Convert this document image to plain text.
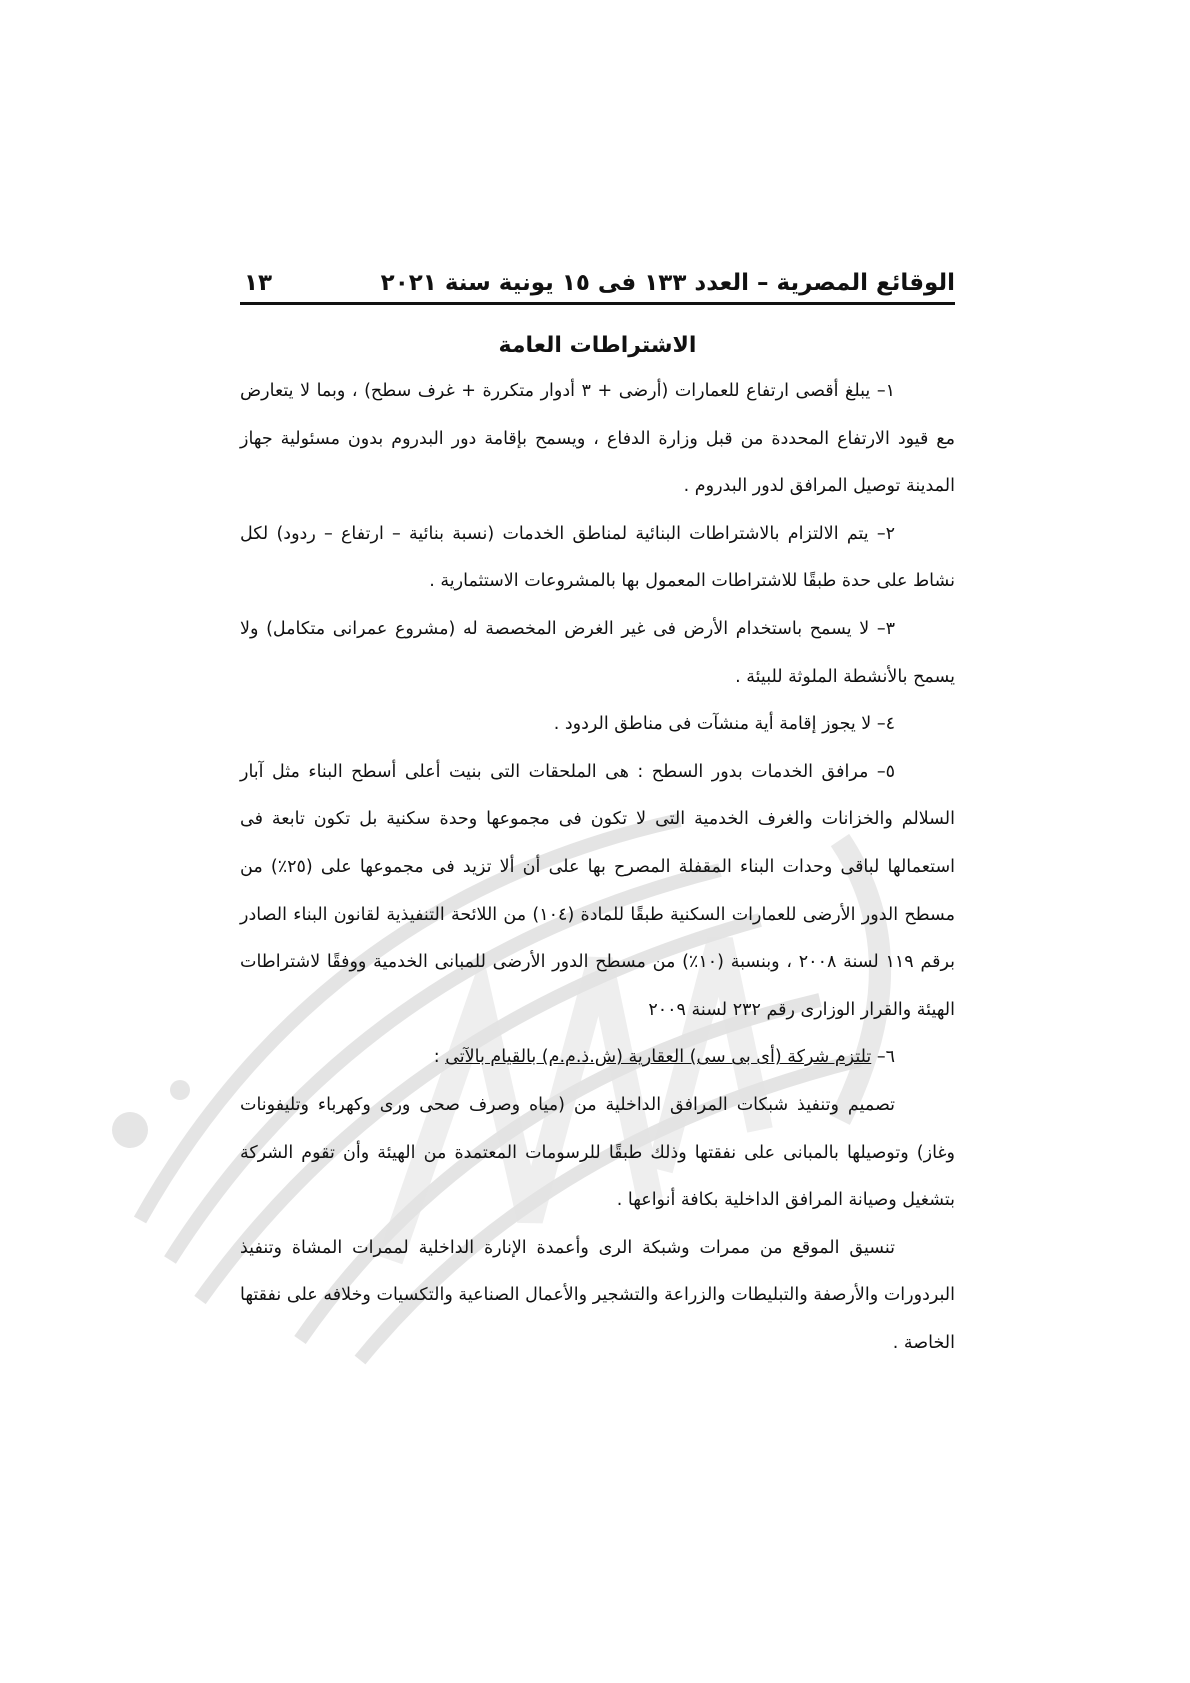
الوقائع المصرية – العدد ١٣٣ فى ١٥ يونية سنة ٢٠٢١
١٣
الاشتراطات العامة

١– يبلغ أقصى ارتفاع للعمارات (أرضى + ٣ أدوار متكررة + غرف سطح) ، وبما لا يتعارض مع قيود الارتفاع المحددة من قبل وزارة الدفاع ، ويسمح بإقامة دور البدروم بدون مسئولية جهاز المدينة توصيل المرافق لدور البدروم .

٢– يتم الالتزام بالاشتراطات البنائية لمناطق الخدمات (نسبة بنائية – ارتفاع – ردود) لكل نشاط على حدة طبقًا للاشتراطات المعمول بها بالمشروعات الاستثمارية .

٣– لا يسمح باستخدام الأرض فى غير الغرض المخصصة له (مشروع عمرانى متكامل) ولا يسمح بالأنشطة الملوثة للبيئة .

٤– لا يجوز إقامة أية منشآت فى مناطق الردود .

٥– مرافق الخدمات بدور السطح : هى الملحقات التى بنيت أعلى أسطح البناء مثل آبار السلالم والخزانات والغرف الخدمية التى لا تكون فى مجموعها وحدة سكنية بل تكون تابعة فى استعمالها لباقى وحدات البناء المقفلة المصرح بها على أن ألا تزيد فى مجموعها على (٢٥٪) من مسطح الدور الأرضى للعمارات السكنية طبقًا للمادة (١٠٤) من اللائحة التنفيذية لقانون البناء الصادر برقم ١١٩ لسنة ٢٠٠٨ ، وبنسبة (١٠٪) من مسطح الدور الأرضى للمبانى الخدمية ووفقًا لاشتراطات الهيئة والقرار الوزارى رقم ٢٣٢ لسنة ٢٠٠٩

٦– تلتزم شركة (أى بى سى) العقارية (ش.ذ.م.م) بالقيام بالآتى :

تصميم وتنفيذ شبكات المرافق الداخلية من (مياه وصرف صحى ورى وكهرباء وتليفونات وغاز) وتوصيلها بالمبانى على نفقتها وذلك طبقًا للرسومات المعتمدة من الهيئة وأن تقوم الشركة بتشغيل وصيانة المرافق الداخلية بكافة أنواعها .

تنسيق الموقع من ممرات وشبكة الرى وأعمدة الإنارة الداخلية لممرات المشاة وتنفيذ البردورات والأرصفة والتبليطات والزراعة والتشجير والأعمال الصناعية والتكسيات وخلافه على نفقتها الخاصة .
